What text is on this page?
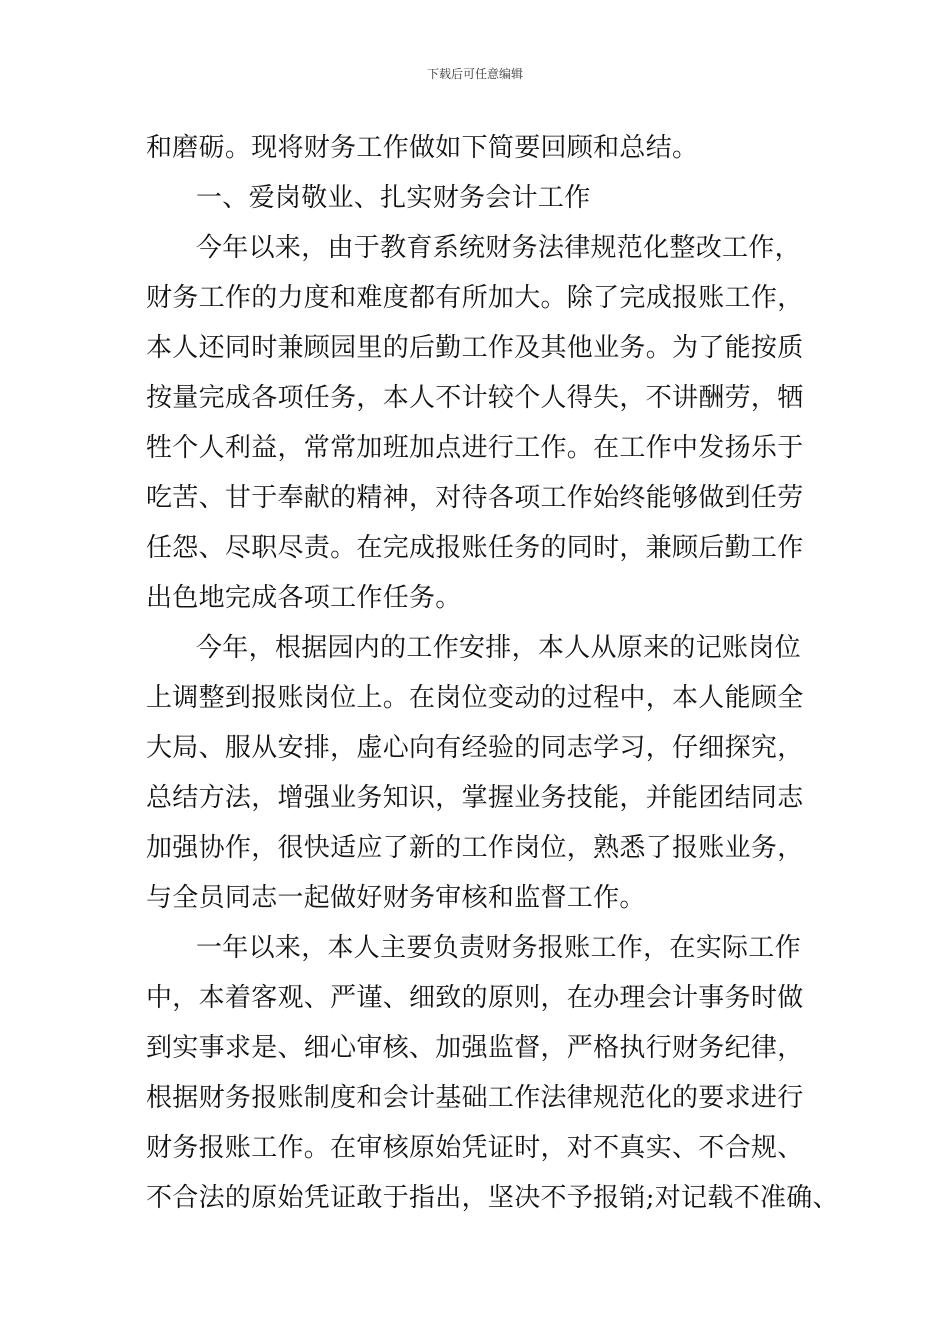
下载后可任意编辑
和磨砺。现将财务工作做如下简要回顾和总结。
一、爱岗敬业、扎实财务会计工作
今年以来，由于教育系统财务法律规范化整改工作，
财务工作的力度和难度都有所加大。除了完成报账工作，
本人还同时兼顾园里的后勤工作及其他业务。为了能按质
按量完成各项任务，本人不计较个人得失，不讲酬劳，牺
牲个人利益，常常加班加点进行工作。在工作中发扬乐于
吃苦、甘于奉献的精神，对待各项工作始终能够做到任劳
任怨、尽职尽责。在完成报账任务的同时，兼顾后勤工作
出色地完成各项工作任务。
今年，根据园内的工作安排，本人从原来的记账岗位
上调整到报账岗位上。在岗位变动的过程中，本人能顾全
大局、服从安排，虚心向有经验的同志学习，仔细探究，
总结方法，增强业务知识，掌握业务技能，并能团结同志
加强协作，很快适应了新的工作岗位，熟悉了报账业务，
与全员同志一起做好财务审核和监督工作。
一年以来，本人主要负责财务报账工作，在实际工作
中，本着客观、严谨、细致的原则，在办理会计事务时做
到实事求是、细心审核、加强监督，严格执行财务纪律，
根据财务报账制度和会计基础工作法律规范化的要求进行
财务报账工作。在审核原始凭证时，对不真实、不合规、
不合法的原始凭证敢于指出，坚决不予报销;对记载不准确、
